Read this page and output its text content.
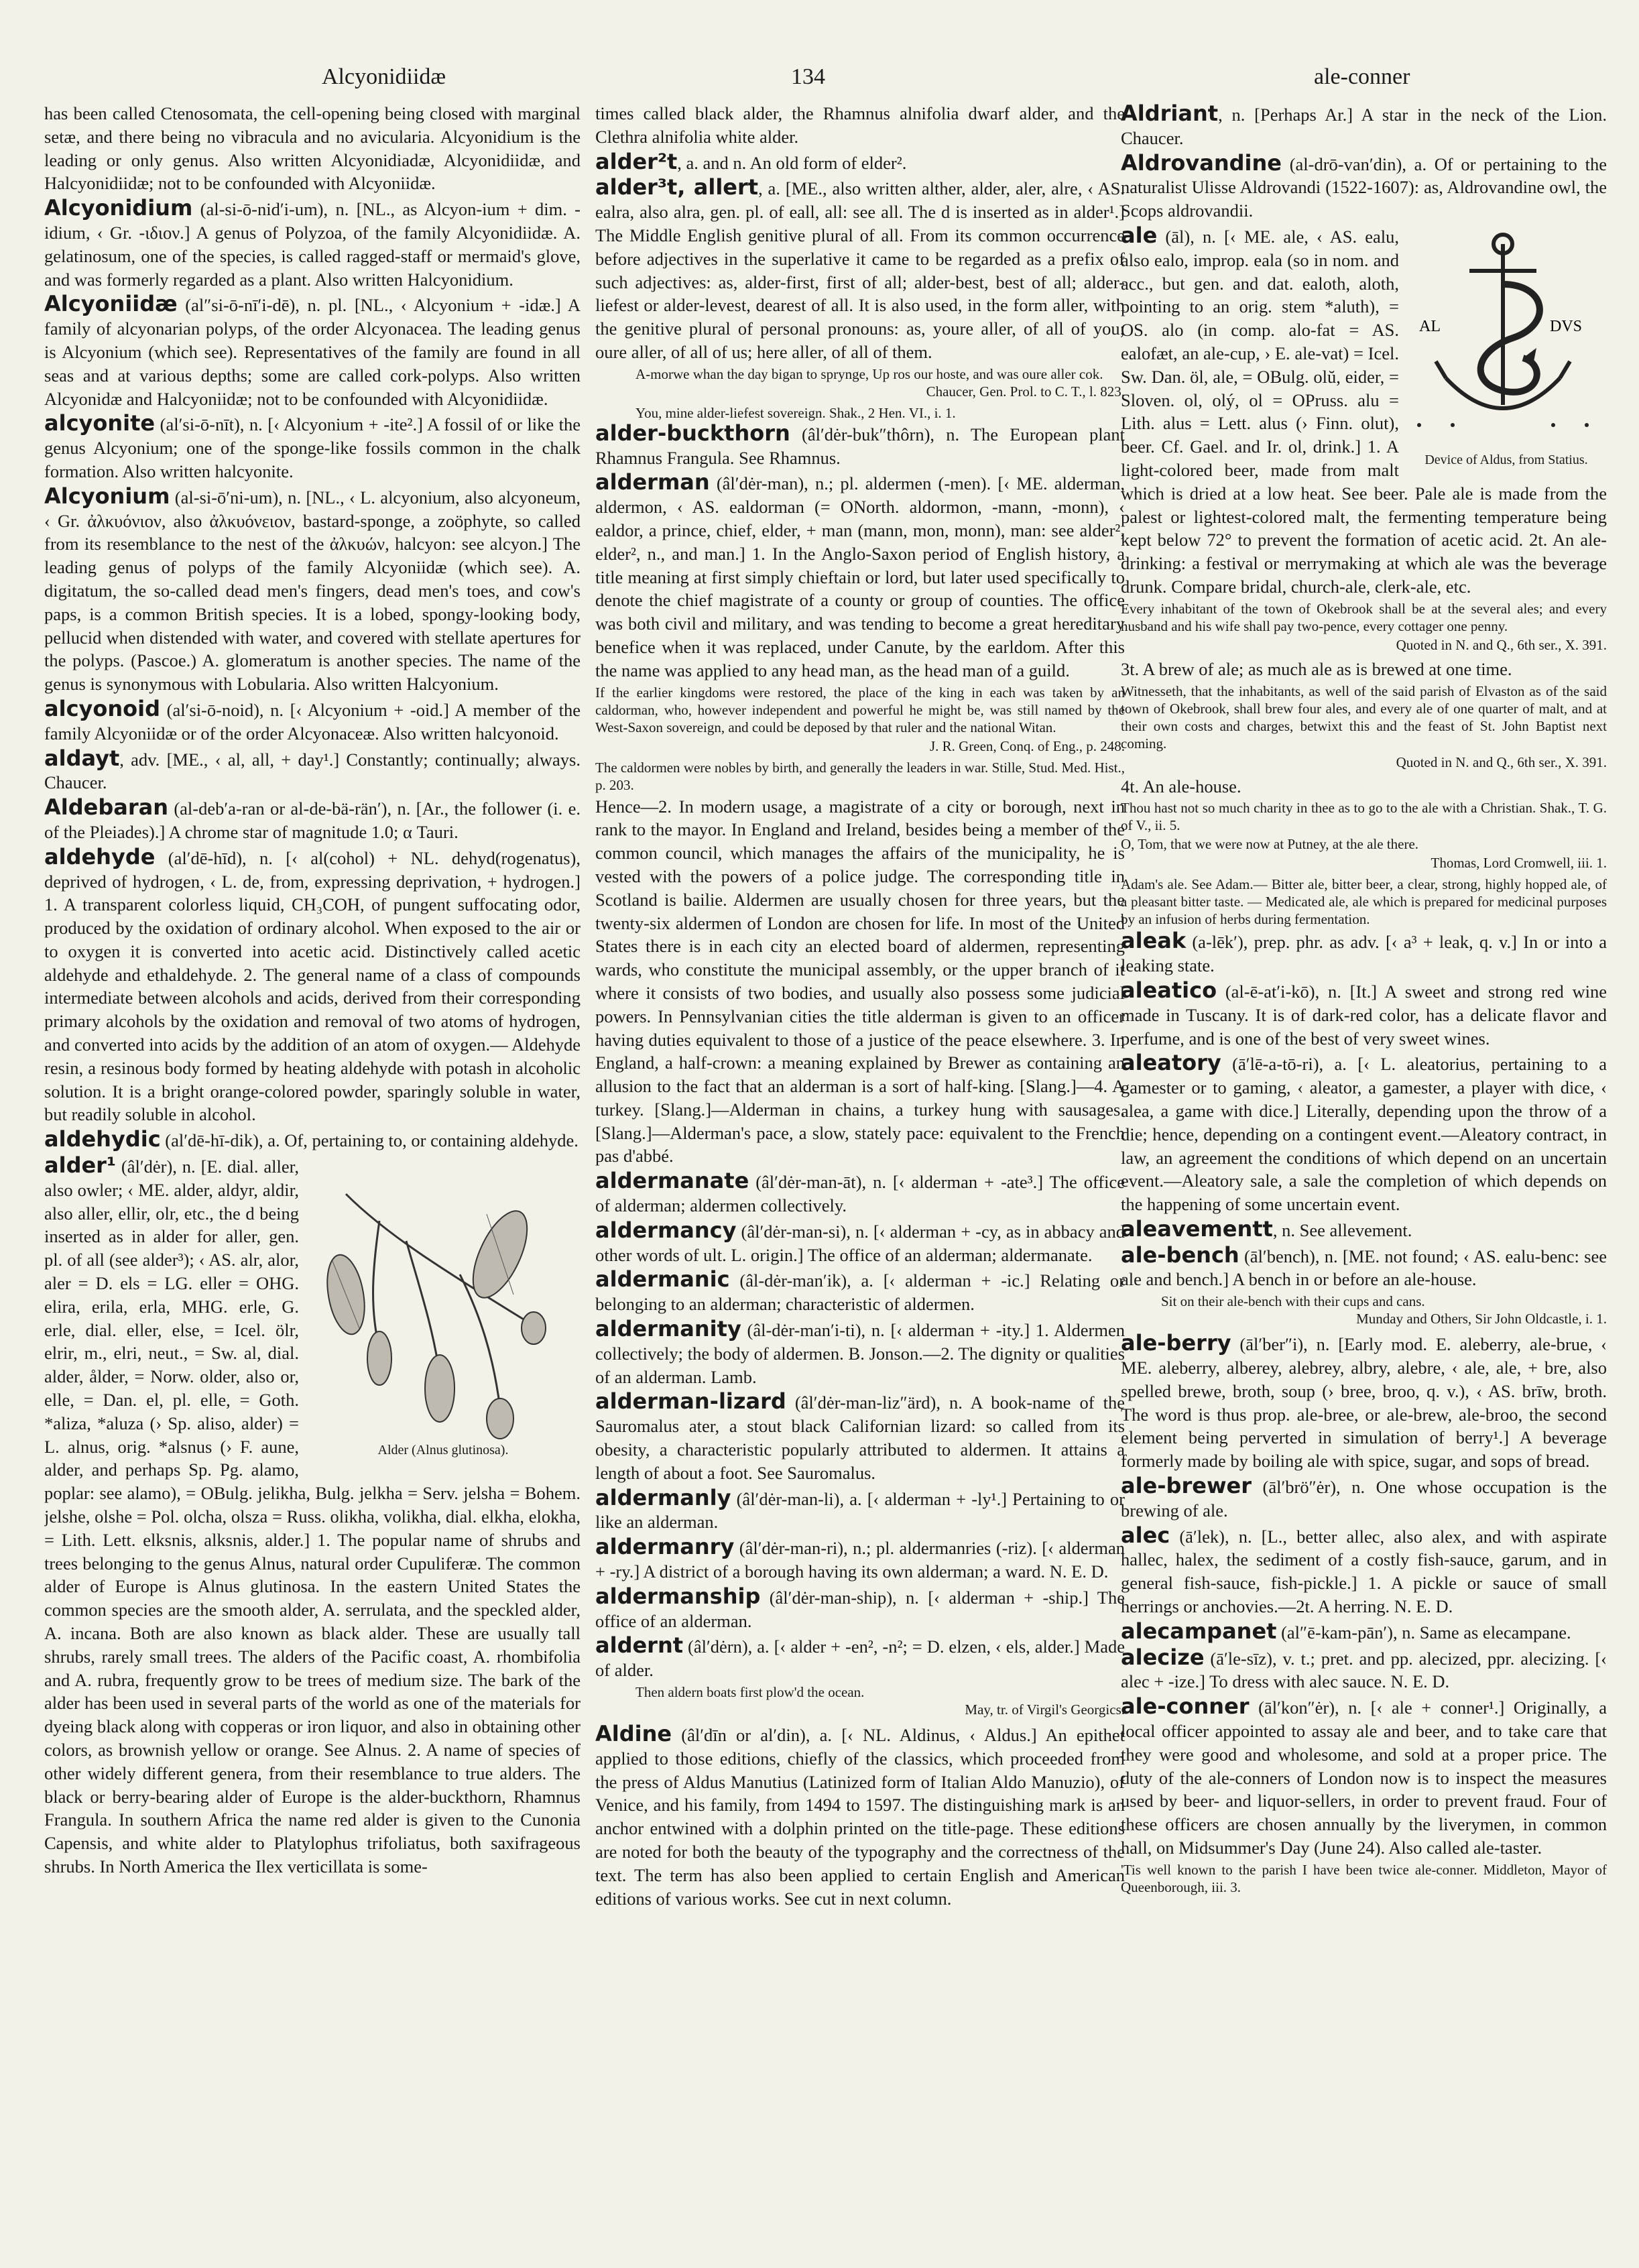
Alcyonidiidæ	134	ale-conner

has been called Ctenosomata, the cell-opening being closed with marginal setæ, and there being no vibracula and no avicularia. Alcyonidium is the leading or only genus. Also written Alcyonidiadæ, Alcyonidiidæ, and Halcyonidiidæ; not to be confounded with Alcyoniidæ.

Alcyonidium (al-si-ō-nid′i-um), n. [NL., as Alcyon-ium + dim. -idium, ‹ Gr. -ιδιον.] A genus of Polyzoa, of the family Alcyonidiidæ. A. gelatinosum, one of the species, is called ragged-staff or mermaid's glove, and was formerly regarded as a plant. Also written Halcyonidium.

Alcyoniidæ (al″si-ō-nī′i-dē), n. pl. [NL., ‹ Alcyonium + -idæ.] A family of alcyonarian polyps, of the order Alcyonacea. The leading genus is Alcyonium (which see). Representatives of the family are found in all seas and at various depths; some are called cork-polyps. Also written Alcyonidæ and Halcyoniidæ; not to be confounded with Alcyonidiidæ.

alcyonite (al′si-ō-nīt), n. [‹ Alcyonium + -ite².] A fossil of or like the genus Alcyonium; one of the sponge-like fossils common in the chalk formation. Also written halcyonite.

Alcyonium (al-si-ō′ni-um), n. [NL., ‹ L. alcyonium, also alcyoneum, ‹ Gr. ἀλκυόνιον, also ἀλκυόνειον, bastard-sponge, a zoöphyte, so called from its resemblance to the nest of the ἀλκυών, halcyon: see alcyon.] The leading genus of polyps of the family Alcyoniidæ (which see). A. digitatum, the so-called dead men's fingers, dead men's toes, and cow's paps, is a common British species. It is a lobed, spongy-looking body, pellucid when distended with water, and covered with stellate apertures for the polyps. (Pascoe.) A. glomeratum is another species. The name of the genus is synonymous with Lobularia. Also written Halcyonium.

alcyonoid (al′si-ō-noid), n. [‹ Alcyonium + -oid.] A member of the family Alcyoniidæ or of the order Alcyonaceæ. Also written halcyonoid.

aldayt, adv. [ME., ‹ al, all, + day¹.] Constantly; continually; always. Chaucer.

Aldebaran (al-deb′a-ran or al-de-bä-rän′), n. [Ar., the follower (i. e. of the Pleiades).] A chrome star of magnitude 1.0; α Tauri.

aldehyde (al′dē-hīd), n. [‹ al(cohol) + NL. dehyd(rogenatus), deprived of hydrogen, ‹ L. de, from, expressing deprivation, + hydrogen.] 1. A transparent colorless liquid, CH₃COH, of pungent suffocating odor, produced by the oxidation of ordinary alcohol. When exposed to the air or to oxygen it is converted into acetic acid. Distinctively called acetic aldehyde and ethaldehyde. 2. The general name of a class of compounds intermediate between alcohols and acids, derived from their corresponding primary alcohols by the oxidation and removal of two atoms of hydrogen, and converted into acids by the addition of an atom of oxygen.— Aldehyde resin, a resinous body formed by heating aldehyde with potash in alcoholic solution. It is a bright orange-colored powder, sparingly soluble in water, but readily soluble in alcohol.

aldehydic (al′dē-hī-dik), a. Of, pertaining to, or containing aldehyde.

Alder (Alnus glutinosa).

alder¹ (âl′dėr), n. [E. dial. aller, also owler; ‹ ME. alder, aldyr, aldir, also aller, ellir, olr, etc., the d being inserted as in alder for aller, gen. pl. of all (see alder³); ‹ AS. alr, alor, aler = D. els = LG. eller = OHG. elira, erila, erla, MHG. erle, G. erle, dial. eller, else, = Icel. ölr, elrir, m., elri, neut., = Sw. al, dial. alder, ålder, = Norw. older, also or, elle, = Dan. el, pl. elle, = Goth. *aliza, *aluza (› Sp. aliso, alder) = L. alnus, orig. *alsnus (› F. aune, alder, and perhaps Sp. Pg. alamo, poplar: see alamo), = OBulg. jelikha, Bulg. jelkha = Serv. jelsha = Bohem. jelshe, olshe = Pol. olcha, olsza = Russ. olikha, volikha, dial. elkha, elokha, = Lith. Lett. elksnis, alksnis, alder.] 1. The popular name of shrubs and trees belonging to the genus Alnus, natural order Cupuliferæ. The common alder of Europe is Alnus glutinosa. In the eastern United States the common species are the smooth alder, A. serrulata, and the speckled alder, A. incana. Both are also known as black alder. These are usually tall shrubs, rarely small trees. The alders of the Pacific coast, A. rhombifolia and A. rubra, frequently grow to be trees of medium size. The bark of the alder has been used in several parts of the world as one of the materials for dyeing black along with copperas or iron liquor, and also in obtaining other colors, as brownish yellow or orange. See Alnus. 2. A name of species of other widely different genera, from their resemblance to true alders. The black or berry-bearing alder of Europe is the alder-buckthorn, Rhamnus Frangula. In southern Africa the name red alder is given to the Cunonia Capensis, and white alder to Platylophus trifoliatus, both saxifrageous shrubs. In North America the Ilex verticillata is some-

times called black alder, the Rhamnus alnifolia dwarf alder, and the Clethra alnifolia white alder.

alder²t, a. and n. An old form of elder².

alder³t, allert, a. [ME., also written alther, alder, aler, alre, ‹ AS. ealra, also alra, gen. pl. of eall, all: see all. The d is inserted as in alder¹.] The Middle English genitive plural of all. From its common occurrence before adjectives in the superlative it came to be regarded as a prefix of such adjectives: as, alder-first, first of all; alder-best, best of all; alder-liefest or alder-levest, dearest of all. It is also used, in the form aller, with the genitive plural of personal pronouns: as, youre aller, of all of you; oure aller, of all of us; here aller, of all of them.

A-morwe whan the day bigan to sprynge, Up ros our hoste, and was oure aller cok.

Chaucer, Gen. Prol. to C. T., l. 823.

You, mine alder-liefest sovereign. Shak., 2 Hen. VI., i. 1.

alder-buckthorn (âl′dėr-buk″thôrn), n. The European plant Rhamnus Frangula. See Rhamnus.

alderman (âl′dėr-man), n.; pl. aldermen (-men). [‹ ME. alderman, aldermon, ‹ AS. ealdorman (= ONorth. aldormon, -mann, -monn), ‹ ealdor, a prince, chief, elder, + man (mann, mon, monn), man: see alder², elder², n., and man.] 1. In the Anglo-Saxon period of English history, a title meaning at first simply chieftain or lord, but later used specifically to denote the chief magistrate of a county or group of counties. The office was both civil and military, and was tending to become a great hereditary benefice when it was replaced, under Canute, by the earldom. After this the name was applied to any head man, as the head man of a guild.

If the earlier kingdoms were restored, the place of the king in each was taken by an caldorman, who, however independent and powerful he might be, was still named by the West-Saxon sovereign, and could be deposed by that ruler and the national Witan.

J. R. Green, Conq. of Eng., p. 248.

The caldormen were nobles by birth, and generally the leaders in war. Stille, Stud. Med. Hist., p. 203.

Hence—2. In modern usage, a magistrate of a city or borough, next in rank to the mayor. In England and Ireland, besides being a member of the common council, which manages the affairs of the municipality, he is vested with the powers of a police judge. The corresponding title in Scotland is bailie. Aldermen are usually chosen for three years, but the twenty-six aldermen of London are chosen for life. In most of the United States there is in each city an elected board of aldermen, representing wards, who constitute the municipal assembly, or the upper branch of it where it consists of two bodies, and usually also possess some judicial powers. In Pennsylvanian cities the title alderman is given to an officer having duties equivalent to those of a justice of the peace elsewhere. 3. In England, a half-crown: a meaning explained by Brewer as containing an allusion to the fact that an alderman is a sort of half-king. [Slang.]—4. A turkey. [Slang.]—Alderman in chains, a turkey hung with sausages. [Slang.]—Alderman's pace, a slow, stately pace: equivalent to the French pas d'abbé.

aldermanate (âl′dėr-man-āt), n. [‹ alderman + -ate³.] The office of alderman; aldermen collectively.

aldermancy (âl′dėr-man-si), n. [‹ alderman + -cy, as in abbacy and other words of ult. L. origin.] The office of an alderman; aldermanate.

aldermanic (âl-dėr-man′ik), a. [‹ alderman + -ic.] Relating or belonging to an alderman; characteristic of aldermen.

aldermanity (âl-dėr-man′i-ti), n. [‹ alderman + -ity.] 1. Aldermen collectively; the body of aldermen. B. Jonson.—2. The dignity or qualities of an alderman. Lamb.

alderman-lizard (âl′dėr-man-liz″ärd), n. A book-name of the Sauromalus ater, a stout black Californian lizard: so called from its obesity, a characteristic popularly attributed to aldermen. It attains a length of about a foot. See Sauromalus.

aldermanly (âl′dėr-man-li), a. [‹ alderman + -ly¹.] Pertaining to or like an alderman.

aldermanry (âl′dėr-man-ri), n.; pl. aldermanries (-riz). [‹ alderman + -ry.] A district of a borough having its own alderman; a ward. N. E. D.

aldermanship (âl′dėr-man-ship), n. [‹ alderman + -ship.] The office of an alderman.

aldernt (âl′dėrn), a. [‹ alder + -en², -n²; = D. elzen, ‹ els, alder.] Made of alder.

Then aldern boats first plow'd the ocean.

May, tr. of Virgil's Georgics.

Aldine (âl′dīn or al′din), a. [‹ NL. Aldinus, ‹ Aldus.] An epithet applied to those editions, chiefly of the classics, which proceeded from the press of Aldus Manutius (Latinized form of Italian Aldo Manuzio), of Venice, and his family, from 1494 to 1597. The distinguishing mark is an anchor entwined with a dolphin printed on the title-page. These editions are noted for both the beauty of the typography and the correctness of the text. The term has also been applied to certain English and American editions of various works. See cut in next column.

Aldriant, n. [Perhaps Ar.] A star in the neck of the Lion. Chaucer.

Aldrovandine (al-drō-van′din), a. Of or pertaining to the naturalist Ulisse Aldrovandi (1522-1607): as, Aldrovandine owl, the Scops aldrovandii.

AL	DVS
Device of Aldus, from Statius.

ale (āl), n. [‹ ME. ale, ‹ AS. ealu, also ealo, improp. eala (so in nom. and acc., but gen. and dat. ealoth, aloth, pointing to an orig. stem *aluth), = OS. alo (in comp. alo-fat = AS. ealofæt, an ale-cup, › E. ale-vat) = Icel. Sw. Dan. öl, ale, = OBulg. olŭ, eider, = Sloven. ol, olý, ol = OPruss. alu = Lith. alus = Lett. alus (› Finn. olut), beer. Cf. Gael. and Ir. ol, drink.] 1. A light-colored beer, made from malt which is dried at a low heat. See beer. Pale ale is made from the palest or lightest-colored malt, the fermenting temperature being kept below 72° to prevent the formation of acetic acid. 2t. An ale-drinking: a festival or merrymaking at which ale was the beverage drunk. Compare bridal, church-ale, clerk-ale, etc.

Every inhabitant of the town of Okebrook shall be at the several ales; and every husband and his wife shall pay two-pence, every cottager one penny.

Quoted in N. and Q., 6th ser., X. 391.

3t. A brew of ale; as much ale as is brewed at one time.

Witnesseth, that the inhabitants, as well of the said parish of Elvaston as of the said town of Okebrook, shall brew four ales, and every ale of one quarter of malt, and at their own costs and charges, betwixt this and the feast of St. John Baptist next coming.

Quoted in N. and Q., 6th ser., X. 391.

4t. An ale-house.

Thou hast not so much charity in thee as to go to the ale with a Christian. Shak., T. G. of V., ii. 5.

O, Tom, that we were now at Putney, at the ale there.

Thomas, Lord Cromwell, iii. 1.

Adam's ale. See Adam.— Bitter ale, bitter beer, a clear, strong, highly hopped ale, of a pleasant bitter taste. — Medicated ale, ale which is prepared for medicinal purposes by an infusion of herbs during fermentation.

aleak (a-lēk′), prep. phr. as adv. [‹ a³ + leak, q. v.] In or into a leaking state.

aleatico (al-ē-at′i-kō), n. [It.] A sweet and strong red wine made in Tuscany. It is of dark-red color, has a delicate flavor and perfume, and is one of the best of very sweet wines.

aleatory (ā′lē-a-tō-ri), a. [‹ L. aleatorius, pertaining to a gamester or to gaming, ‹ aleator, a gamester, a player with dice, ‹ alea, a game with dice.] Literally, depending upon the throw of a die; hence, depending on a contingent event.—Aleatory contract, in law, an agreement the conditions of which depend on an uncertain event.—Aleatory sale, a sale the completion of which depends on the happening of some uncertain event.

aleavementt, n. See allevement.

ale-bench (āl′bench), n. [ME. not found; ‹ AS. ealu-benc: see ale and bench.] A bench in or before an ale-house.

Sit on their ale-bench with their cups and cans.

Munday and Others, Sir John Oldcastle, i. 1.

ale-berry (āl′ber″i), n. [Early mod. E. aleberry, ale-brue, ‹ ME. aleberry, alberey, alebrey, albry, alebre, ‹ ale, ale, + bre, also spelled brewe, broth, soup (› bree, broo, q. v.), ‹ AS. brīw, broth. The word is thus prop. ale-bree, or ale-brew, ale-broo, the second element being perverted in simulation of berry¹.] A beverage formerly made by boiling ale with spice, sugar, and sops of bread.

ale-brewer (āl′brö″ėr), n. One whose occupation is the brewing of ale.

alec (ā′lek), n. [L., better allec, also alex, and with aspirate hallec, halex, the sediment of a costly fish-sauce, garum, and in general fish-sauce, fish-pickle.] 1. A pickle or sauce of small herrings or anchovies.—2t. A herring. N. E. D.

alecampanet (al″ē-kam-pān′), n. Same as elecampane.

alecize (ā′le-sīz), v. t.; pret. and pp. alecized, ppr. alecizing. [‹ alec + -ize.] To dress with alec sauce. N. E. D.

ale-conner (āl′kon″ėr), n. [‹ ale + conner¹.] Originally, a local officer appointed to assay ale and beer, and to take care that they were good and wholesome, and sold at a proper price. The duty of the ale-conners of London now is to inspect the measures used by beer- and liquor-sellers, in order to prevent fraud. Four of these officers are chosen annually by the liverymen, in common hall, on Midsummer's Day (June 24). Also called ale-taster.

'Tis well known to the parish I have been twice ale-conner. Middleton, Mayor of Queenborough, iii. 3.
